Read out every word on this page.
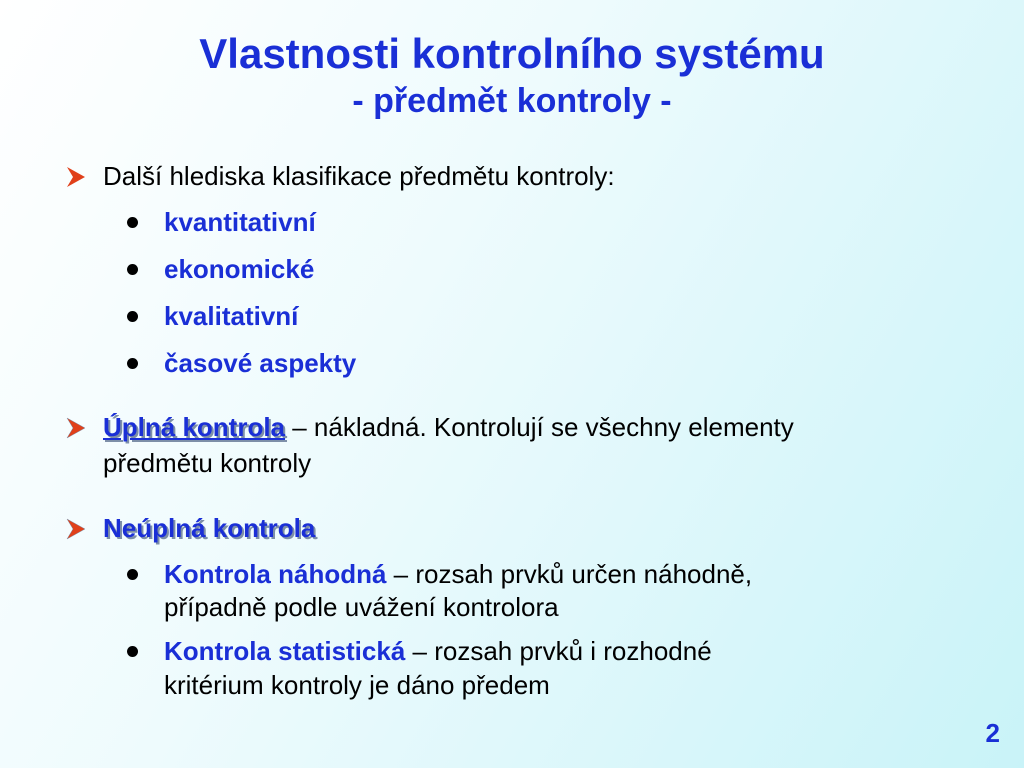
Vlastnosti kontrolního systému
- předmět kontroly -
Další hlediska klasifikace předmětu kontroly:
kvantitativní
ekonomické
kvalitativní
časové aspekty
Úplná kontrola – nákladná. Kontrolují se všechny elementy
předmětu kontroly
Neúplná kontrola
Kontrola náhodná – rozsah prvků určen náhodně,
případně podle uvážení kontrolora
Kontrola statistická – rozsah prvků i rozhodné
kritérium kontroly je dáno předem
2
